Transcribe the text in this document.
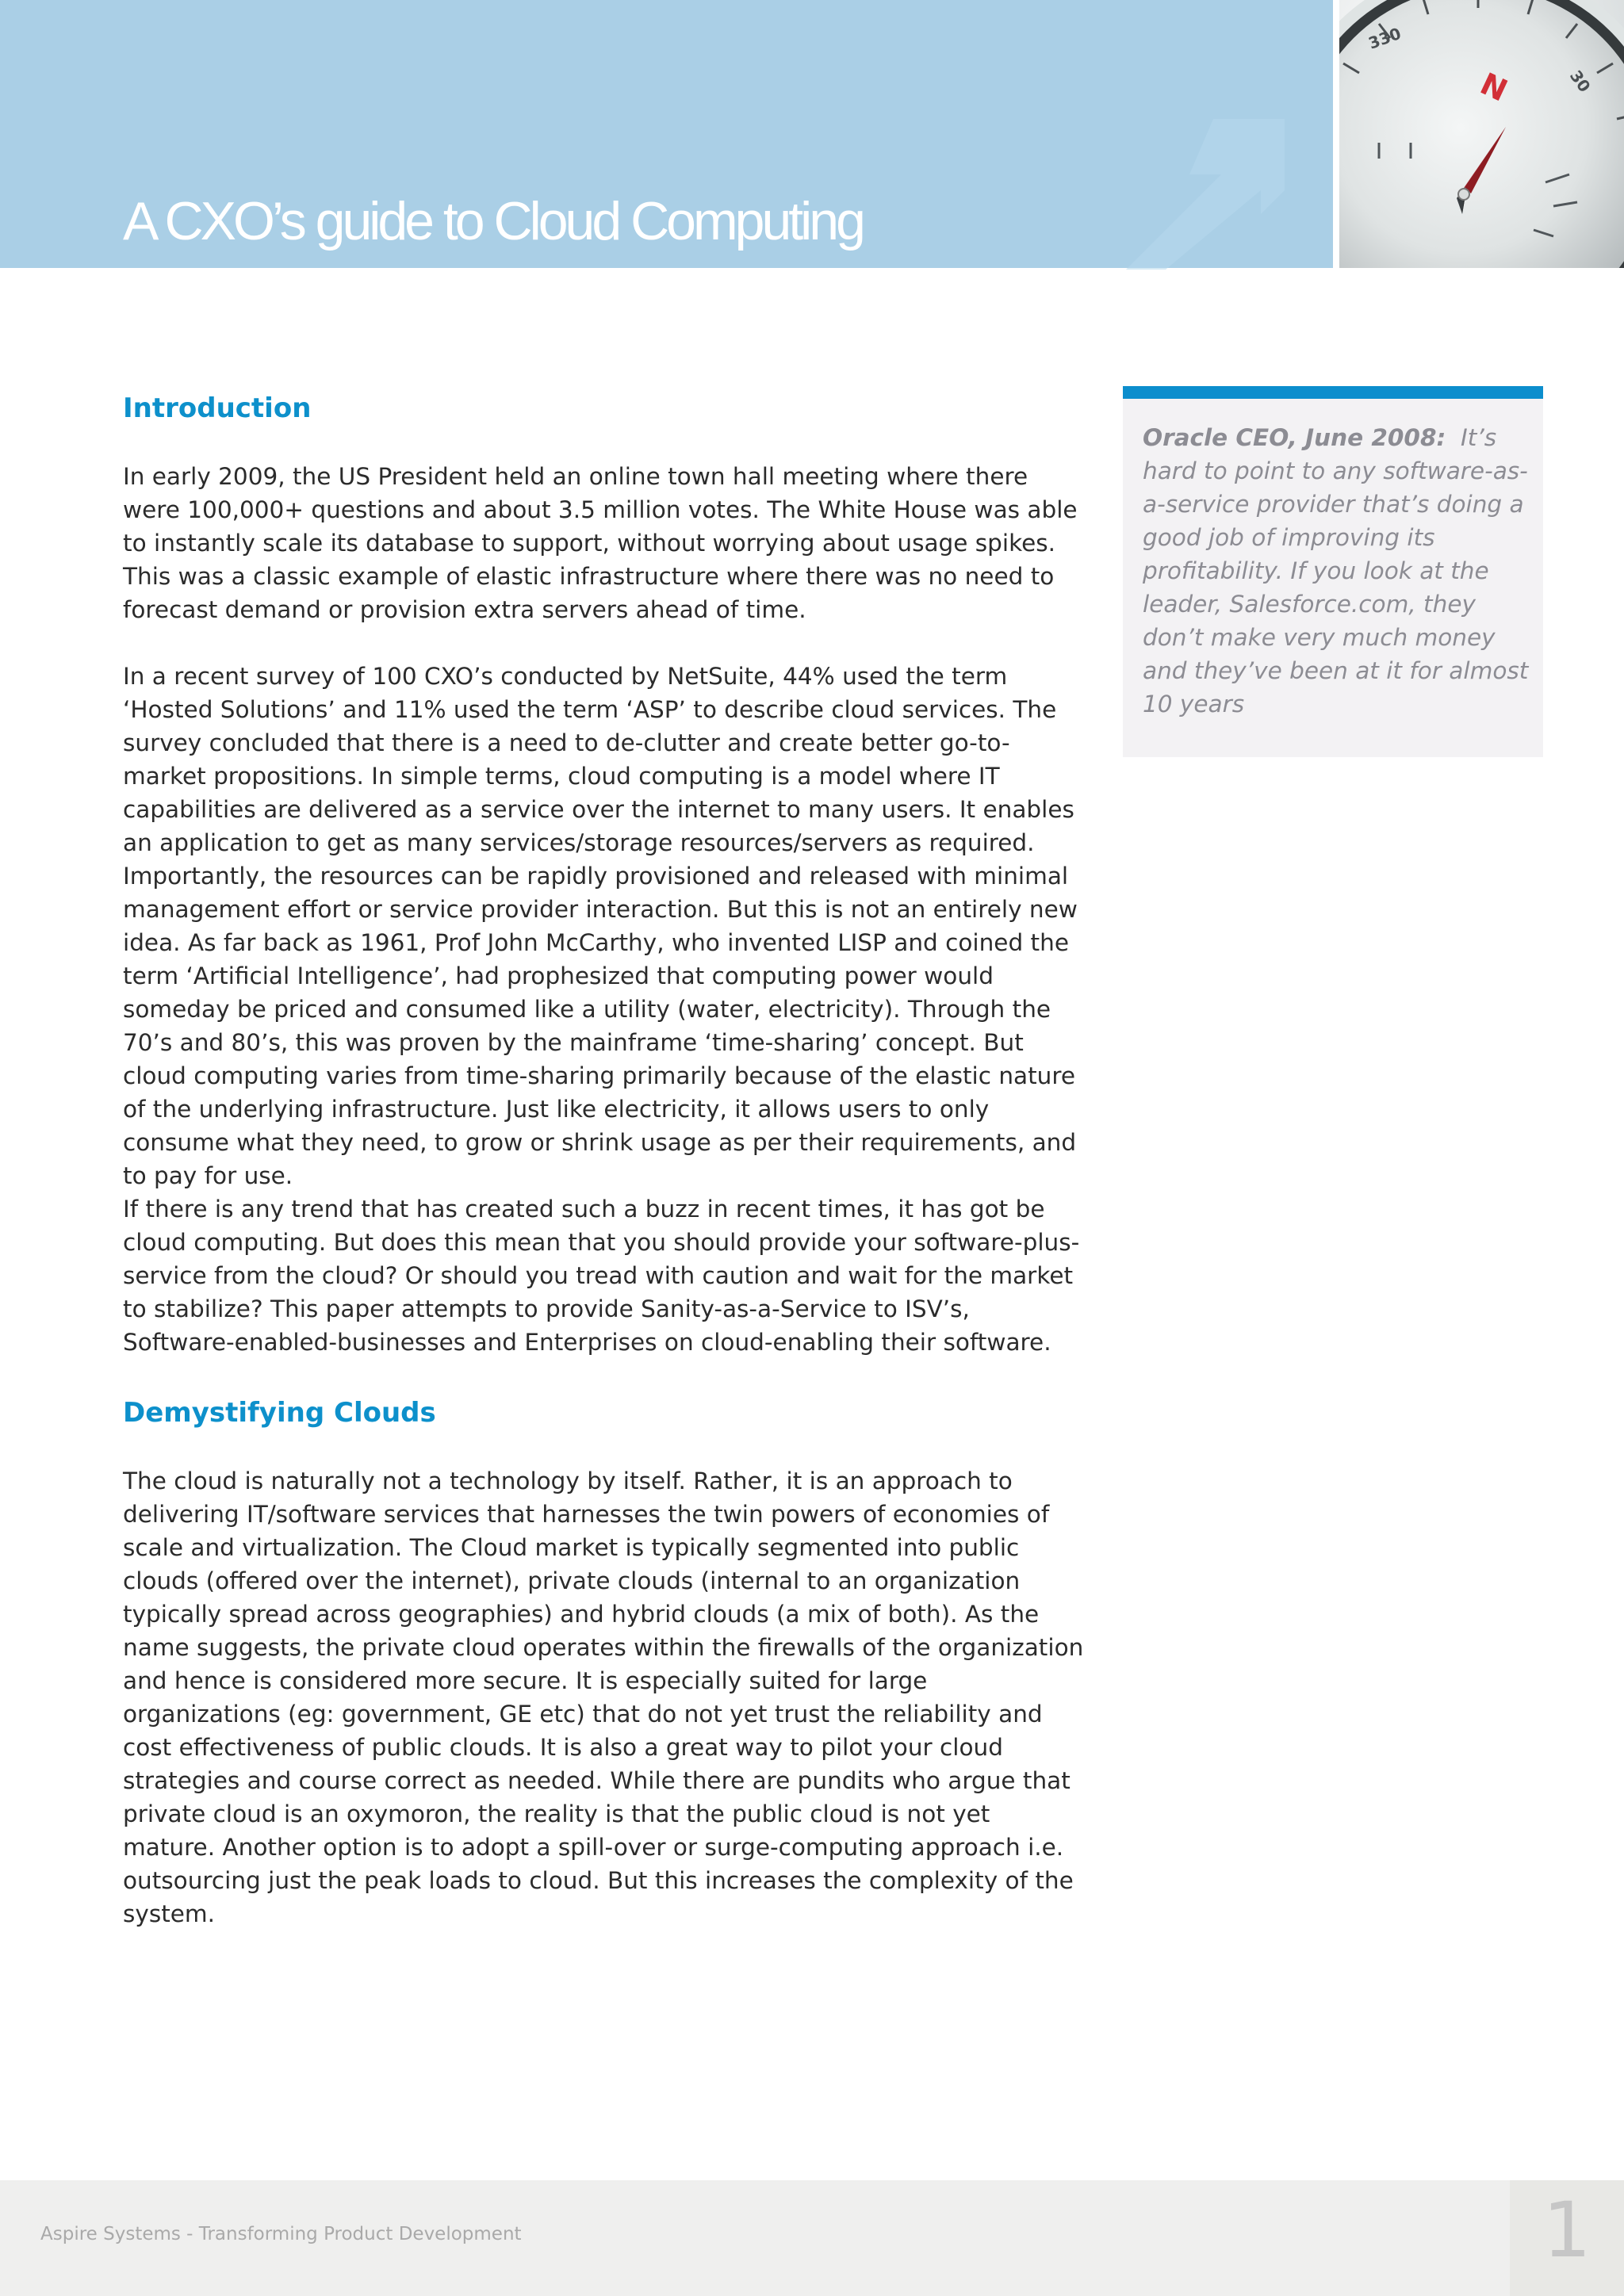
A CXO’s guide to Cloud Computing
330
30
N
Introduction

In early 2009, the US President held an online town hall meeting where there were 100,000+ questions and about 3.5 million votes. The White House was able to instantly scale its database to support, without worrying about usage spikes. This was a classic example of elastic infrastructure where there was no need to forecast demand or provision extra servers ahead of time.

In a recent survey of 100 CXO’s conducted by NetSuite, 44% used the term ‘Hosted Solutions’ and 11% used the term ‘ASP’ to describe cloud services. The survey concluded that there is a need to de-clutter and create better go-to-market propositions. In simple terms, cloud computing is a model where IT capabilities are delivered as a service over the internet to many users. It enables an application to get as many services/storage resources/servers as required. Importantly, the resources can be rapidly provisioned and released with minimal management effort or service provider interaction. But this is not an entirely new idea. As far back as 1961, Prof John McCarthy, who invented LISP and coined the term ‘Artificial Intelligence’, had prophesized that computing power would someday be priced and consumed like a utility (water, electricity). Through the 70’s and 80’s, this was proven by the mainframe ‘time-sharing’ concept. But cloud computing varies from time-sharing primarily because of the elastic nature of the underlying infrastructure. Just like electricity, it allows users to only consume what they need, to grow or shrink usage as per their requirements, and to pay for use.

If there is any trend that has created such a buzz in recent times, it has got be cloud computing. But does this mean that you should provide your software-plus-service from the cloud? Or should you tread with caution and wait for the market to stabilize? This paper attempts to provide Sanity-as-a-Service to ISV’s, Software-enabled-businesses and Enterprises on cloud-enabling their software.

Demystifying Clouds

The cloud is naturally not a technology by itself. Rather, it is an approach to delivering IT/software services that harnesses the twin powers of economies of scale and virtualization. The Cloud market is typically segmented into public clouds (offered over the internet), private clouds (internal to an organization typically spread across geographies) and hybrid clouds (a mix of both). As the name suggests, the private cloud operates within the firewalls of the organization and hence is considered more secure. It is especially suited for large organizations (eg: government, GE etc) that do not yet trust the reliability and cost effectiveness of public clouds. It is also a great way to pilot your cloud strategies and course correct as needed. While there are pundits who argue that private cloud is an oxymoron, the reality is that the public cloud is not yet mature. Another option is to adopt a spill-over or surge-computing approach i.e. outsourcing just the peak loads to cloud. But this increases the complexity of the system.

Oracle CEO, June 2008: It’s hard to point to any software-as-a-service provider that’s doing a good job of improving its profitability. If you look at the leader, Salesforce.com, they don’t make very much money and they’ve been at it for almost 10 years

Aspire Systems - Transforming Product Development	1
